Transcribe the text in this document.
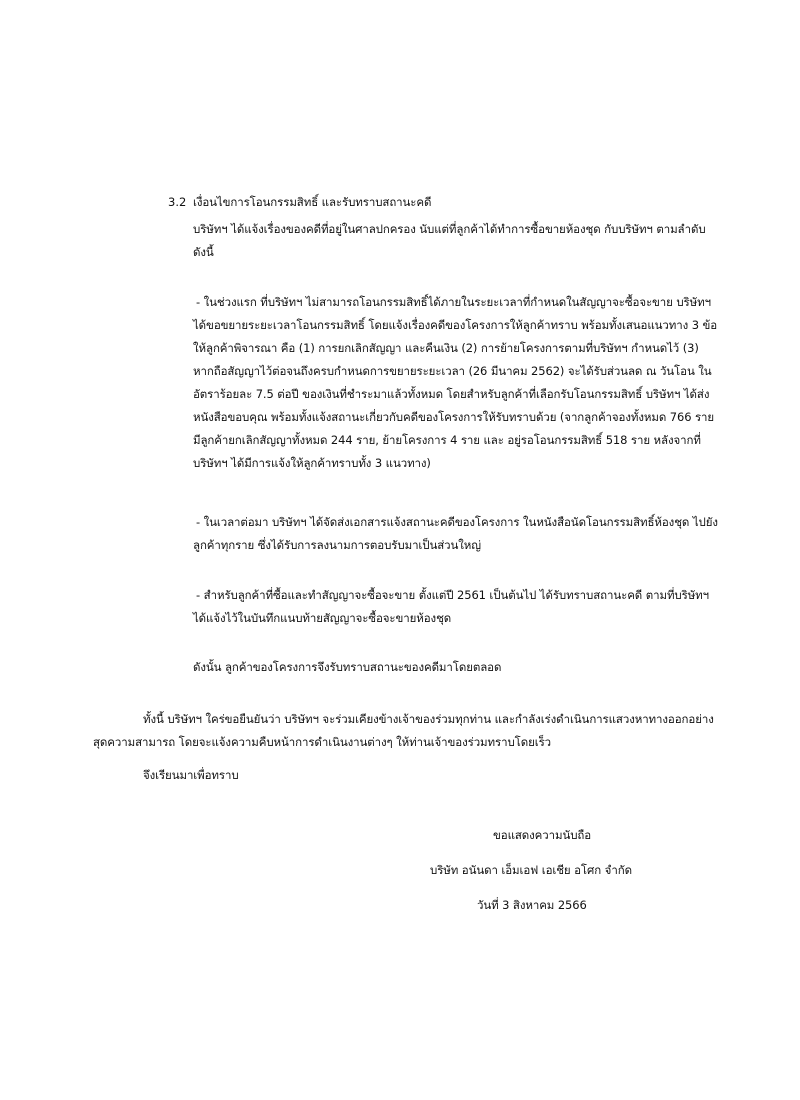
3.2 เงื่อนไขการโอนกรรมสิทธิ์ และรับทราบสถานะคดี
บริษัทฯ ได้แจ้งเรื่องของคดีที่อยู่ในศาลปกครอง นับแต่ที่ลูกค้าได้ทำการซื้อขายห้องชุด กับบริษัทฯ ตามลำดับ
ดังนี้
- ในช่วงแรก ที่บริษัทฯ ไม่สามารถโอนกรรมสิทธิ์ได้ภายในระยะเวลาที่กำหนดในสัญญาจะซื้อจะขาย บริษัทฯ
ได้ขอขยายระยะเวลาโอนกรรมสิทธิ์ โดยแจ้งเรื่องคดีของโครงการให้ลูกค้าทราบ พร้อมทั้งเสนอแนวทาง 3 ข้อ
ให้ลูกค้าพิจารณา คือ (1) การยกเลิกสัญญา และคืนเงิน (2) การย้ายโครงการตามที่บริษัทฯ กำหนดไว้ (3)
หากถือสัญญาไว้ต่อจนถึงครบกำหนดการขยายระยะเวลา (26 มีนาคม 2562) จะได้รับส่วนลด ณ วันโอน ใน
อัตราร้อยละ 7.5 ต่อปี ของเงินที่ชำระมาแล้วทั้งหมด โดยสำหรับลูกค้าที่เลือกรับโอนกรรมสิทธิ์ บริษัทฯ ได้ส่ง
หนังสือขอบคุณ พร้อมทั้งแจ้งสถานะเกี่ยวกับคดีของโครงการให้รับทราบด้วย (จากลูกค้าจองทั้งหมด 766 ราย
มีลูกค้ายกเลิกสัญญาทั้งหมด 244 ราย, ย้ายโครงการ 4 ราย และ อยู่รอโอนกรรมสิทธิ์ 518 ราย หลังจากที่
บริษัทฯ ได้มีการแจ้งให้ลูกค้าทราบทั้ง 3 แนวทาง)
- ในเวลาต่อมา บริษัทฯ ได้จัดส่งเอกสารแจ้งสถานะคดีของโครงการ ในหนังสือนัดโอนกรรมสิทธิ์ห้องชุด ไปยัง
ลูกค้าทุกราย ซึ่งได้รับการลงนามการตอบรับมาเป็นส่วนใหญ่
- สำหรับลูกค้าที่ซื้อและทำสัญญาจะซื้อจะขาย ตั้งแต่ปี 2561 เป็นต้นไป ได้รับทราบสถานะคดี ตามที่บริษัทฯ
ได้แจ้งไว้ในบันทึกแนบท้ายสัญญาจะซื้อจะขายห้องชุด
ดังนั้น ลูกค้าของโครงการจึงรับทราบสถานะของคดีมาโดยตลอด
ทั้งนี้ บริษัทฯ ใคร่ขอยืนยันว่า บริษัทฯ จะร่วมเคียงข้างเจ้าของร่วมทุกท่าน และกำลังเร่งดำเนินการแสวงหาทางออกอย่าง
สุดความสามารถ โดยจะแจ้งความคืบหน้าการดำเนินงานต่างๆ ให้ท่านเจ้าของร่วมทราบโดยเร็ว
จึงเรียนมาเพื่อทราบ
ขอแสดงความนับถือ
บริษัท อนันดา เอ็มเอฟ เอเชีย อโศก จำกัด
วันที่ 3 สิงหาคม 2566
